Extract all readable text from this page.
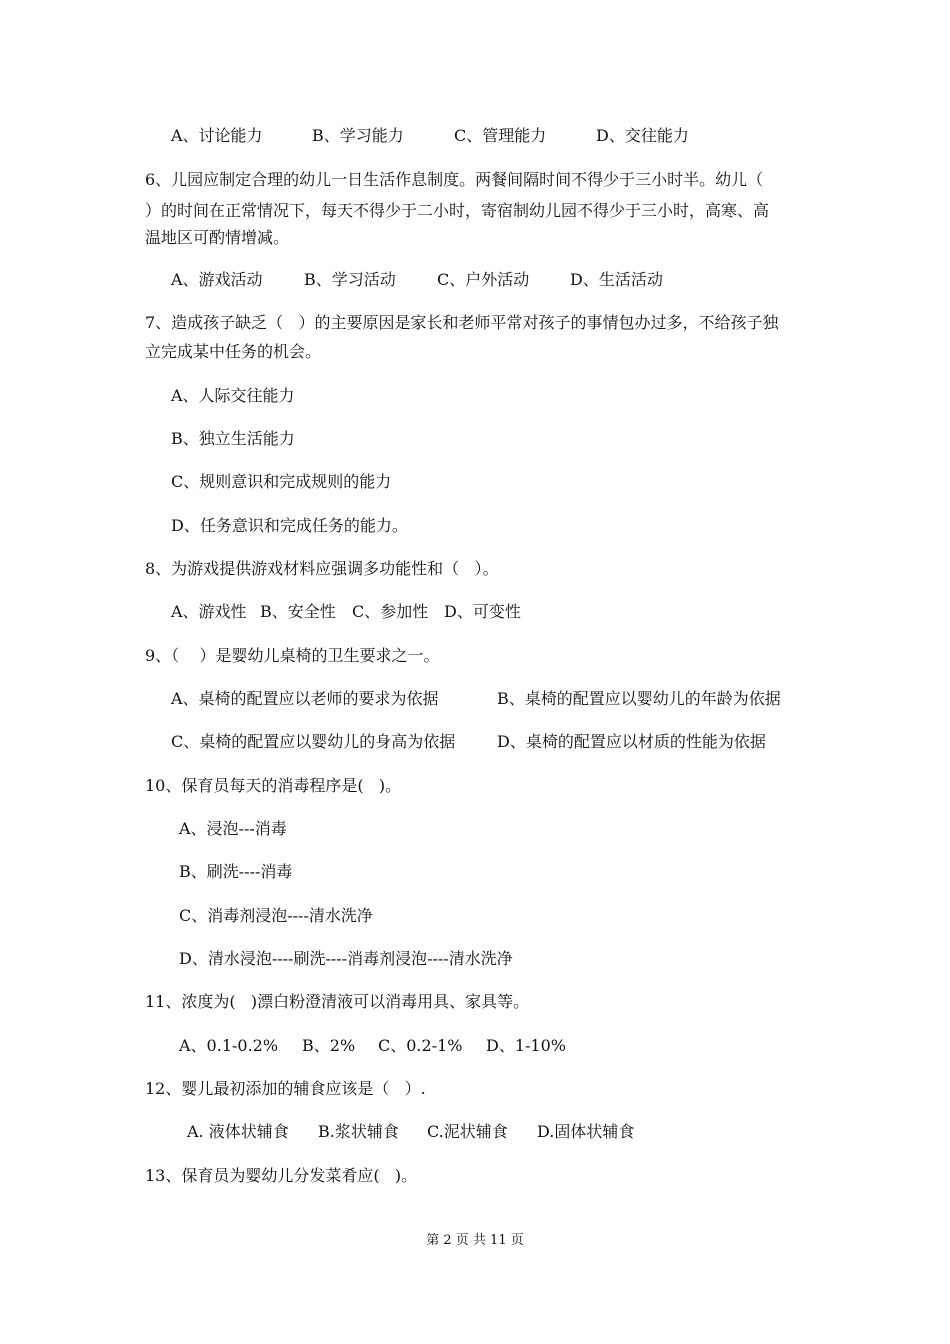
A、讨论能力	B、学习能力	C、管理能力	D、交往能力
6、儿园应制定合理的幼儿一日生活作息制度。两餐间隔时间不得少于三小时半。幼儿（
）的时间在正常情况下，每天不得少于二小时，寄宿制幼儿园不得少于三小时，高寒、高
温地区可酌情增减。
A、游戏活动	B、学习活动	C、户外活动	D、生活活动
7、造成孩子缺乏（   ）的主要原因是家长和老师平常对孩子的事情包办过多，不给孩子独
立完成某中任务的机会。
A、人际交往能力
B、独立生活能力
C、规则意识和完成规则的能力
D、任务意识和完成任务的能力。
8、为游戏提供游戏材料应强调多功能性和（   ）。
A、游戏性 B、安全性 C、参加性 D、可变性
9、（    ）是婴幼儿桌椅的卫生要求之一。
A、桌椅的配置应以老师的要求为依据	B、桌椅的配置应以婴幼儿的年龄为依据
C、桌椅的配置应以婴幼儿的身高为依据	D、桌椅的配置应以材质的性能为依据
10、保育员每天的消毒程序是(   )。
A、浸泡---消毒
B、刷洗----消毒
C、消毒剂浸泡----清水洗净
D、清水浸泡----刷洗----消毒剂浸泡----清水洗净
11、浓度为(   )漂白粉澄清液可以消毒用具、家具等。
A、0.1-0.2% B、2% C、0.2-1% D、1-10%
12、婴儿最初添加的辅食应该是（   ）.
A. 液体状辅食 B.浆状辅食 C.泥状辅食 D.固体状辅食
13、保育员为婴幼儿分发菜肴应(   )。
第 2 页 共 11 页
